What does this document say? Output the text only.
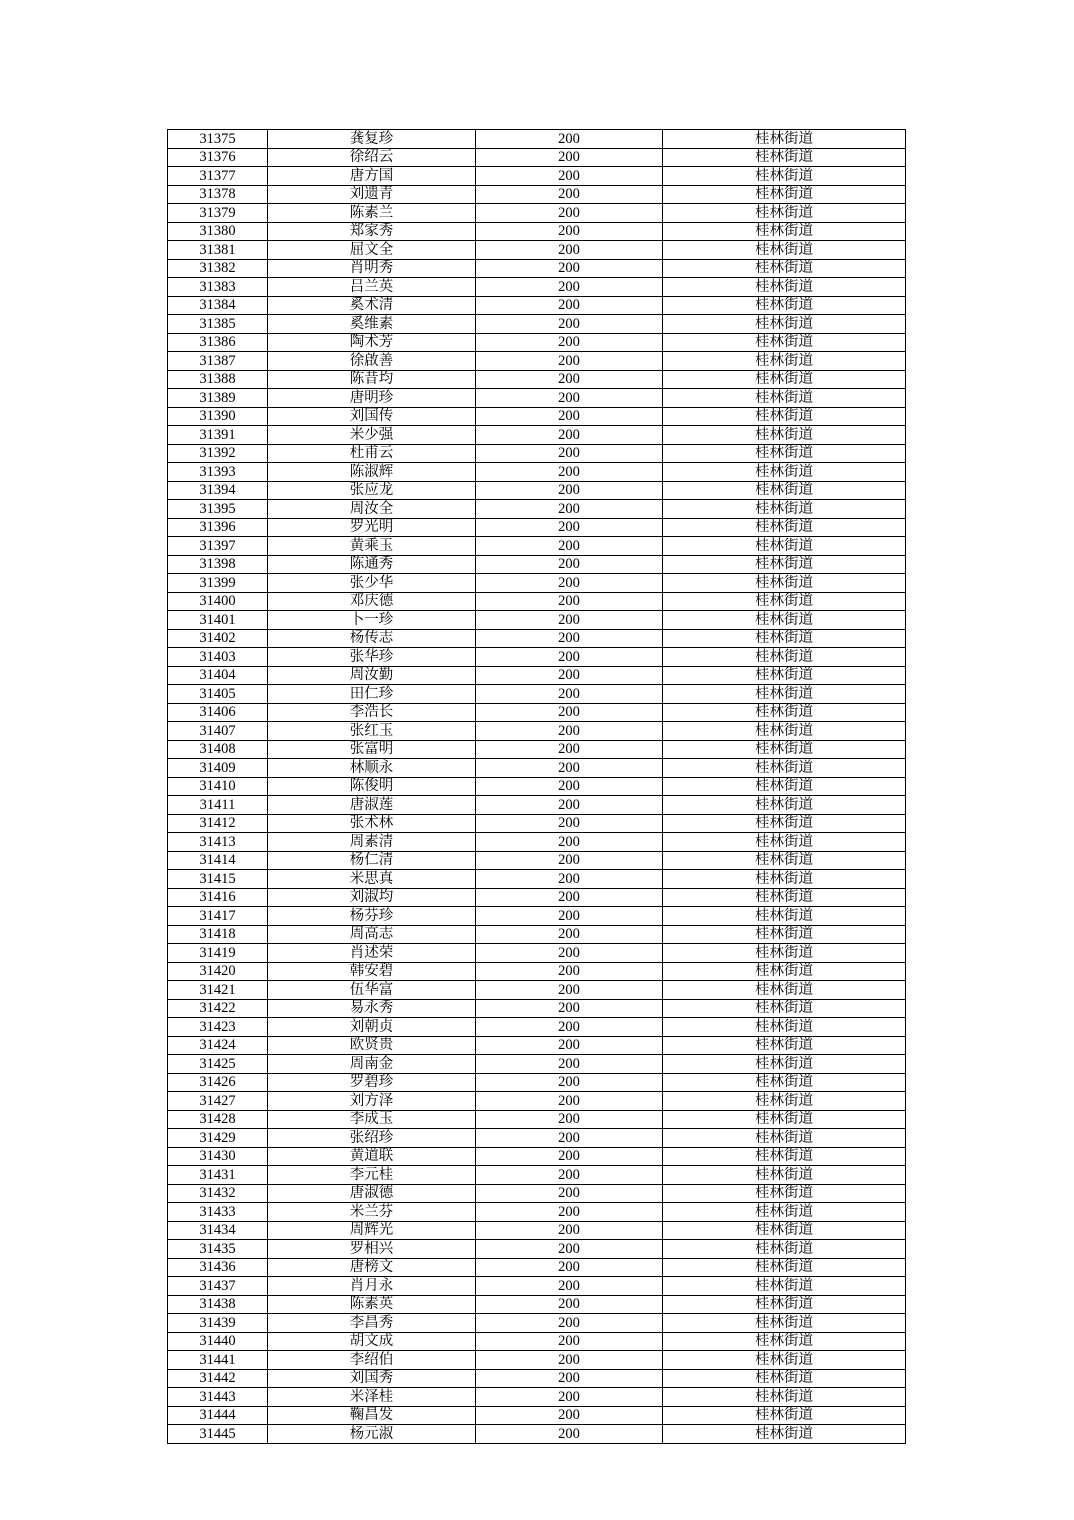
31375	龚复珍	200	桂林街道
31376	徐绍云	200	桂林街道
31377	唐方国	200	桂林街道
31378	刘遗青	200	桂林街道
31379	陈素兰	200	桂林街道
31380	郑家秀	200	桂林街道
31381	屈文全	200	桂林街道
31382	肖明秀	200	桂林街道
31383	吕兰英	200	桂林街道
31384	奚术清	200	桂林街道
31385	奚维素	200	桂林街道
31386	陶术芳	200	桂林街道
31387	徐啟善	200	桂林街道
31388	陈昔均	200	桂林街道
31389	唐明珍	200	桂林街道
31390	刘国传	200	桂林街道
31391	米少强	200	桂林街道
31392	杜甫云	200	桂林街道
31393	陈淑辉	200	桂林街道
31394	张应龙	200	桂林街道
31395	周汝全	200	桂林街道
31396	罗光明	200	桂林街道
31397	黄乘玉	200	桂林街道
31398	陈通秀	200	桂林街道
31399	张少华	200	桂林街道
31400	邓庆德	200	桂林街道
31401	卜一珍	200	桂林街道
31402	杨传志	200	桂林街道
31403	张华珍	200	桂林街道
31404	周汝勤	200	桂林街道
31405	田仁珍	200	桂林街道
31406	李浩长	200	桂林街道
31407	张红玉	200	桂林街道
31408	张富明	200	桂林街道
31409	林顺永	200	桂林街道
31410	陈俊明	200	桂林街道
31411	唐淑莲	200	桂林街道
31412	张术林	200	桂林街道
31413	周素清	200	桂林街道
31414	杨仁清	200	桂林街道
31415	米思真	200	桂林街道
31416	刘淑均	200	桂林街道
31417	杨芬珍	200	桂林街道
31418	周高志	200	桂林街道
31419	肖述荣	200	桂林街道
31420	韩安碧	200	桂林街道
31421	伍华富	200	桂林街道
31422	易永秀	200	桂林街道
31423	刘朝贞	200	桂林街道
31424	欧贤贵	200	桂林街道
31425	周南金	200	桂林街道
31426	罗碧珍	200	桂林街道
31427	刘方泽	200	桂林街道
31428	李成玉	200	桂林街道
31429	张绍珍	200	桂林街道
31430	黄道联	200	桂林街道
31431	李元桂	200	桂林街道
31432	唐淑德	200	桂林街道
31433	米兰芬	200	桂林街道
31434	周辉光	200	桂林街道
31435	罗相兴	200	桂林街道
31436	唐榜文	200	桂林街道
31437	肖月永	200	桂林街道
31438	陈素英	200	桂林街道
31439	李昌秀	200	桂林街道
31440	胡文成	200	桂林街道
31441	李绍伯	200	桂林街道
31442	刘国秀	200	桂林街道
31443	米泽桂	200	桂林街道
31444	鞠昌发	200	桂林街道
31445	杨元淑	200	桂林街道
